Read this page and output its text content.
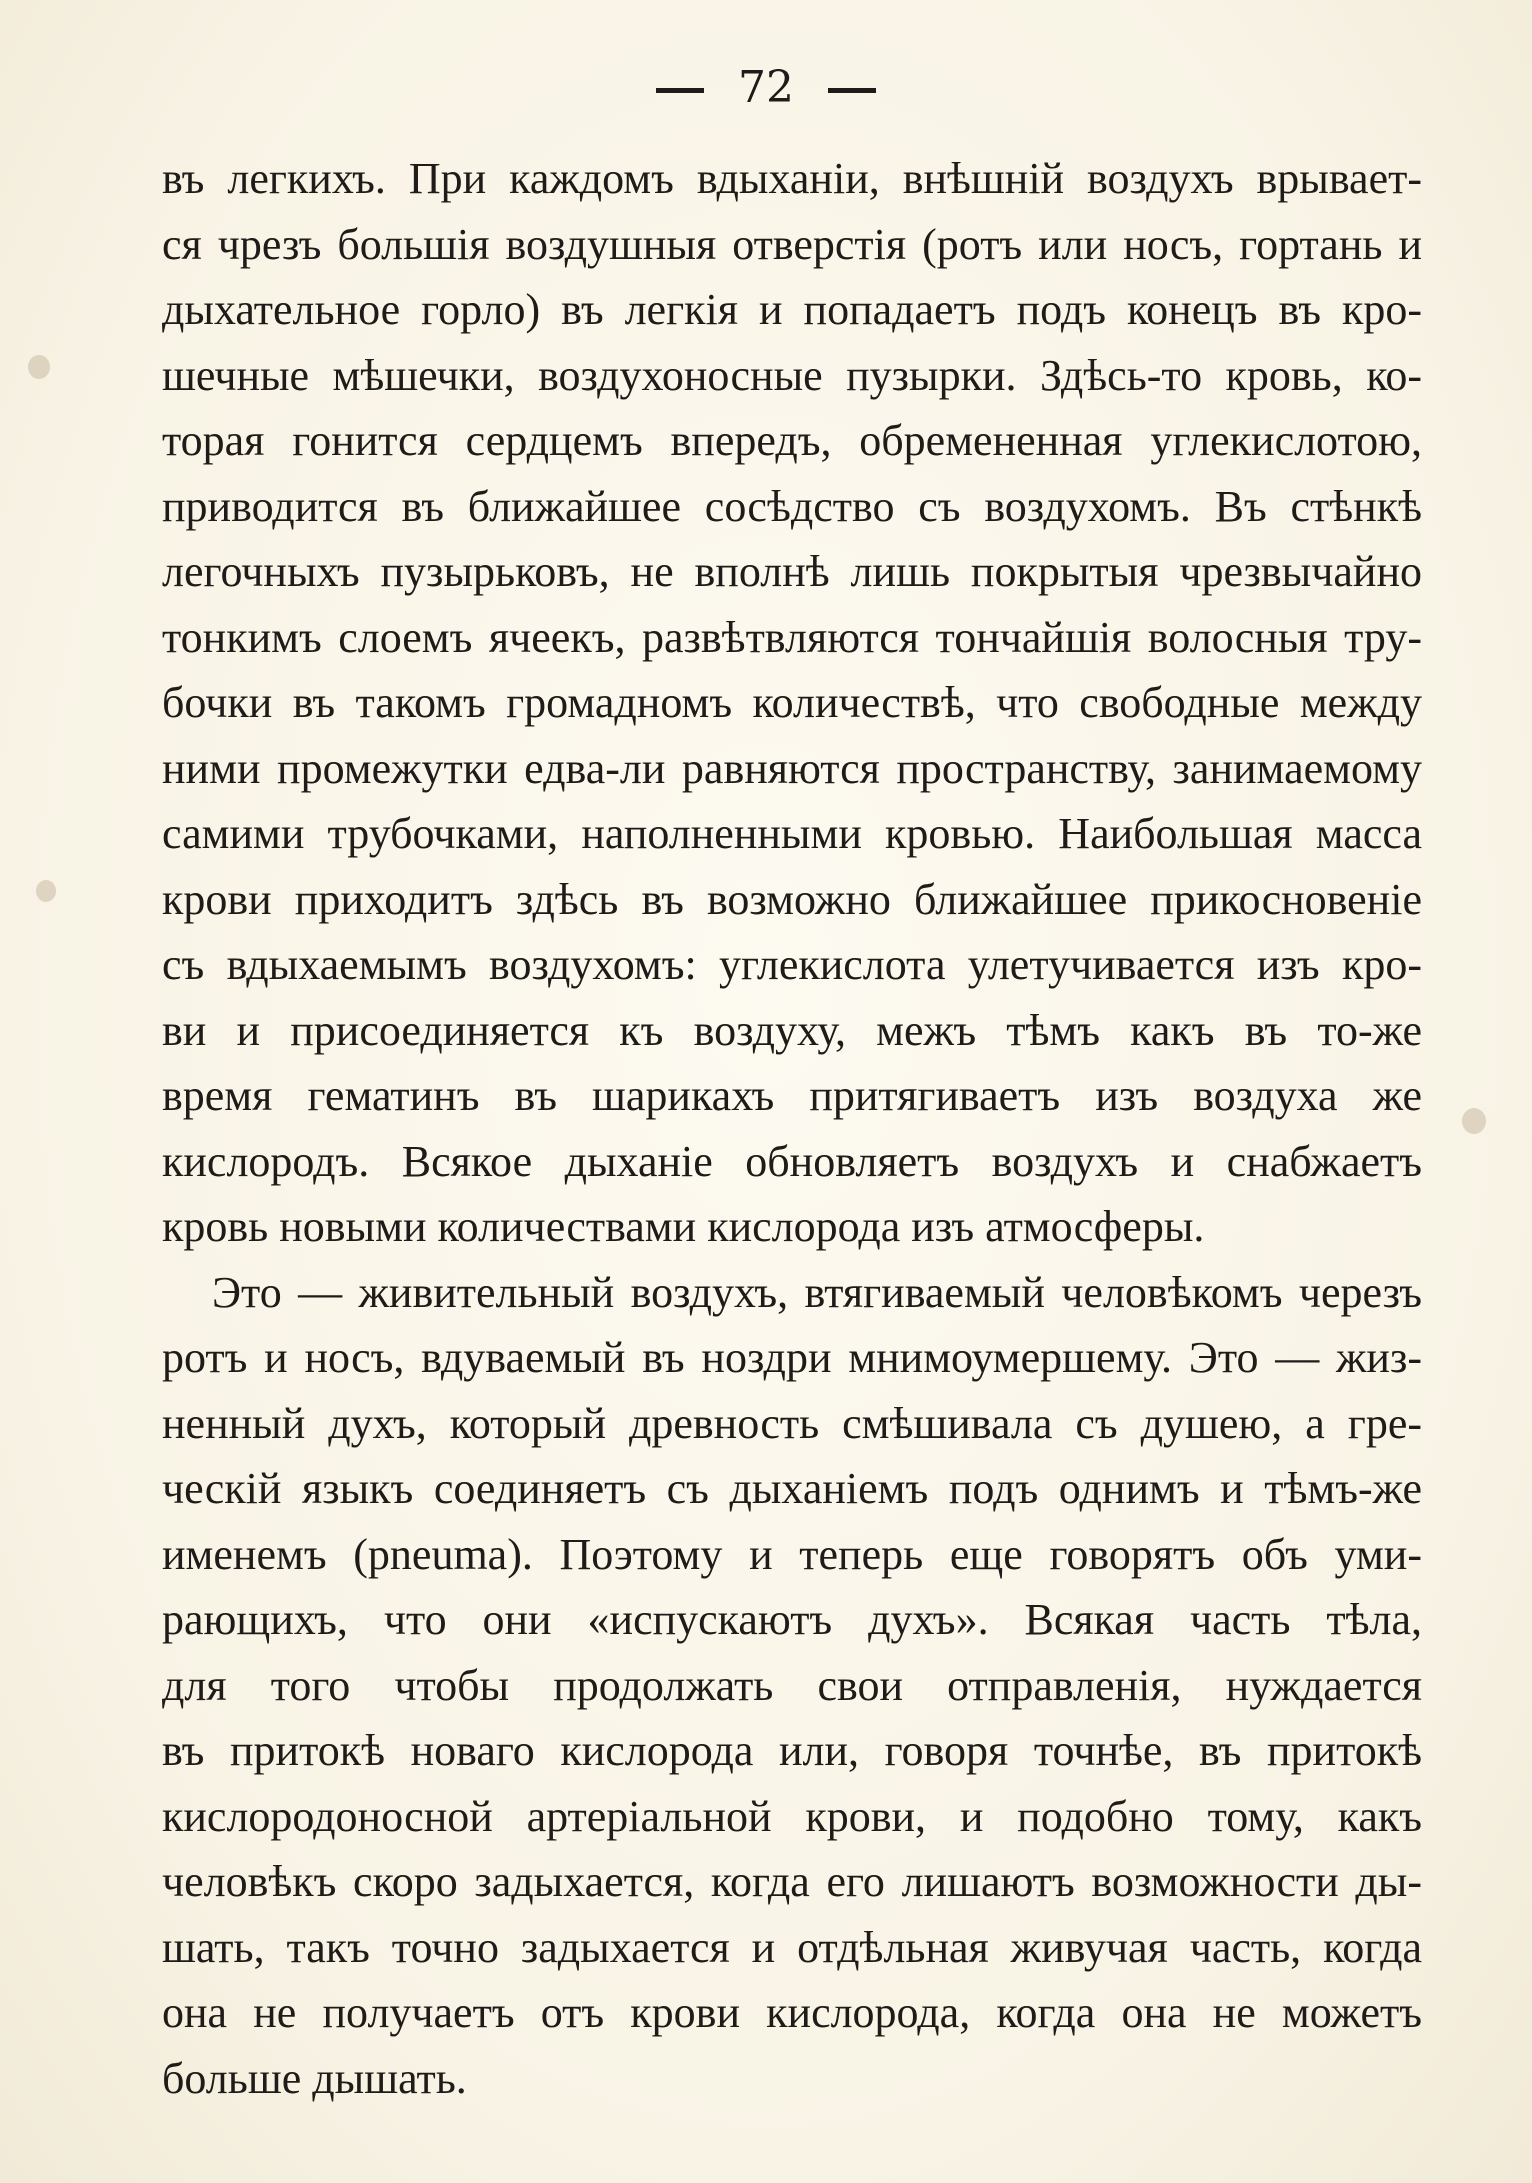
72
въ легкихъ. При каждомъ вдыханіи, внѣшній воздухъ врывает-
ся чрезъ большія воздушныя отверстія (ротъ или носъ, гортань и
дыхательное горло) въ легкія и попадаетъ подъ конецъ въ кро-
шечные мѣшечки, воздухоносные пузырки. Здѣсь-то кровь, ко-
торая гонится сердцемъ впередъ, обремененная углекислотою,
приводится въ ближайшее сосѣдство съ воздухомъ. Въ стѣнкѣ
легочныхъ пузырьковъ, не вполнѣ лишь покрытыя чрезвычайно
тонкимъ слоемъ ячеекъ, развѣтвляются тончайшія волосныя тру-
бочки въ такомъ громадномъ количествѣ, что свободные между
ними промежутки едва-ли равняются пространству, занимаемому
самими трубочками, наполненными кровью. Наибольшая масса
крови приходитъ здѣсь въ возможно ближайшее прикосновеніе
съ вдыхаемымъ воздухомъ: углекислота улетучивается изъ кро-
ви и присоединяется къ воздуху, межъ тѣмъ какъ въ то-же
время гематинъ въ шарикахъ притягиваетъ изъ воздуха же
кислородъ. Всякое дыханіе обновляетъ воздухъ и снабжаетъ
кровь новыми количествами кислорода изъ атмосферы.
Это — живительный воздухъ, втягиваемый человѣкомъ черезъ
ротъ и носъ, вдуваемый въ ноздри мнимоумершему. Это — жиз-
ненный духъ, который древность смѣшивала съ душею, а гре-
ческій языкъ соединяетъ съ дыханіемъ подъ однимъ и тѣмъ-же
именемъ (pneuma). Поэтому и теперь еще говорятъ объ уми-
рающихъ, что они «испускаютъ духъ». Всякая часть тѣла,
для того чтобы продолжать свои отправленія, нуждается
въ притокѣ новаго кислорода или, говоря точнѣе, въ притокѣ
кислородоносной артеріальной крови, и подобно тому, какъ
человѣкъ скоро задыхается, когда его лишаютъ возможности ды-
шать, такъ точно задыхается и отдѣльная живучая часть, когда
она не получаетъ отъ крови кислорода, когда она не можетъ
больше дышать.
